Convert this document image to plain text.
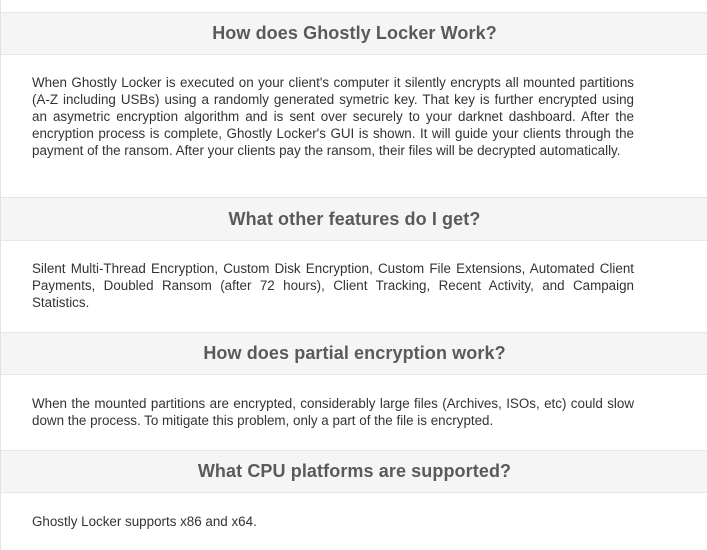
How does Ghostly Locker Work?

When Ghostly Locker is executed on your client's computer it silently encrypts all mounted partitions (A-Z including USBs) using a randomly generated symetric key. That key is further encrypted using an asymetric encryption algorithm and is sent over securely to your darknet dashboard. After the encryption process is complete, Ghostly Locker's GUI is shown. It will guide your clients through the payment of the ransom. After your clients pay the ransom, their files will be decrypted automatically.

What other features do I get?

Silent Multi-Thread Encryption, Custom Disk Encryption, Custom File Extensions, Automated Client Payments, Doubled Ransom (after 72 hours), Client Tracking, Recent Activity, and Campaign Statistics.

How does partial encryption work?

When the mounted partitions are encrypted, considerably large files (Archives, ISOs, etc) could slow down the process. To mitigate this problem, only a part of the file is encrypted.

What CPU platforms are supported?

Ghostly Locker supports x86 and x64.
